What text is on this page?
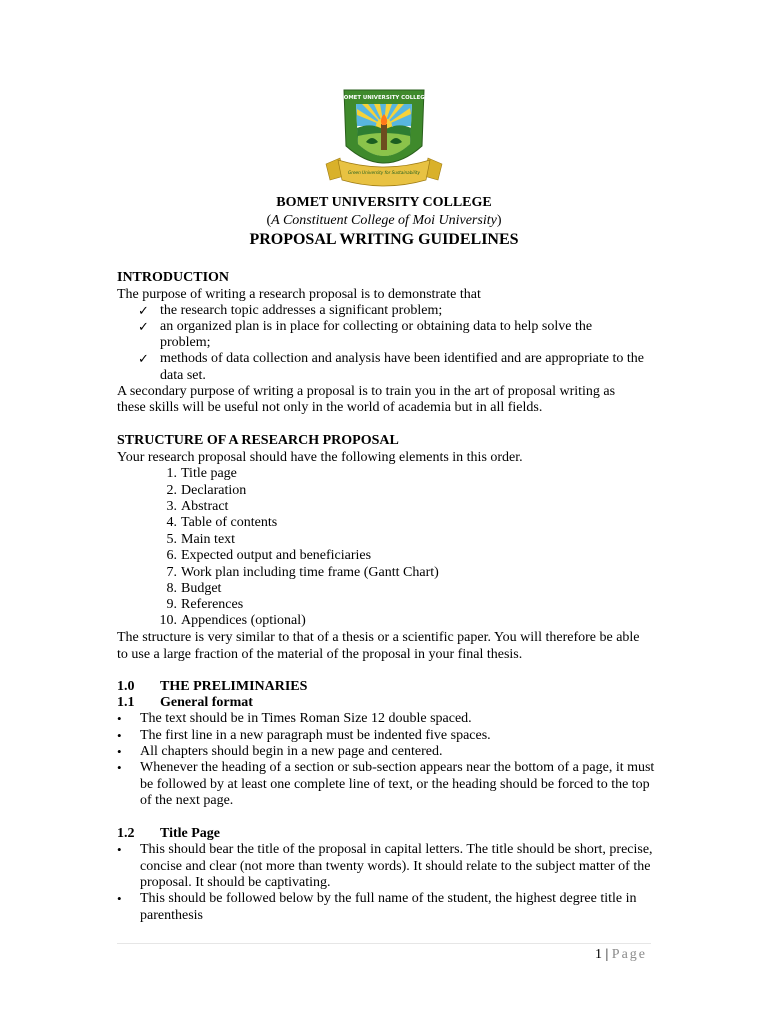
BOMET UNIVERSITY COLLEGE
Green University for Sustainability
BOMET UNIVERSITY COLLEGE
(A Constituent College of Moi University)
PROPOSAL WRITING GUIDELINES
INTRODUCTION
The purpose of writing a research proposal is to demonstrate that
✓ the research topic addresses a significant problem;
✓ an organized plan is in place for collecting or obtaining data to help solve the
problem;
✓ methods of data collection and analysis have been identified and are appropriate to the
data set.
A secondary purpose of writing a proposal is to train you in the art of proposal writing as
these skills will be useful not only in the world of academia but in all fields.
STRUCTURE OF A RESEARCH PROPOSAL
Your research proposal should have the following elements in this order.
1. Title page
2. Declaration
3. Abstract
4. Table of contents
5. Main text
6. Expected output and beneficiaries
7. Work plan including time frame (Gantt Chart)
8. Budget
9. References
10. Appendices (optional)
The structure is very similar to that of a thesis or a scientific paper. You will therefore be able
to use a large fraction of the material of the proposal in your final thesis.
1.0 THE PRELIMINARIES
1.1 General format
• The text should be in Times Roman Size 12 double spaced.
• The first line in a new paragraph must be indented five spaces.
• All chapters should begin in a new page and centered.
• Whenever the heading of a section or sub-section appears near the bottom of a page, it must
be followed by at least one complete line of text, or the heading should be forced to the top
of the next page.
1.2 Title Page
• This should bear the title of the proposal in capital letters. The title should be short, precise,
concise and clear (not more than twenty words). It should relate to the subject matter of the
proposal. It should be captivating.
• This should be followed below by the full name of the student, the highest degree title in
parenthesis
1 | Page
